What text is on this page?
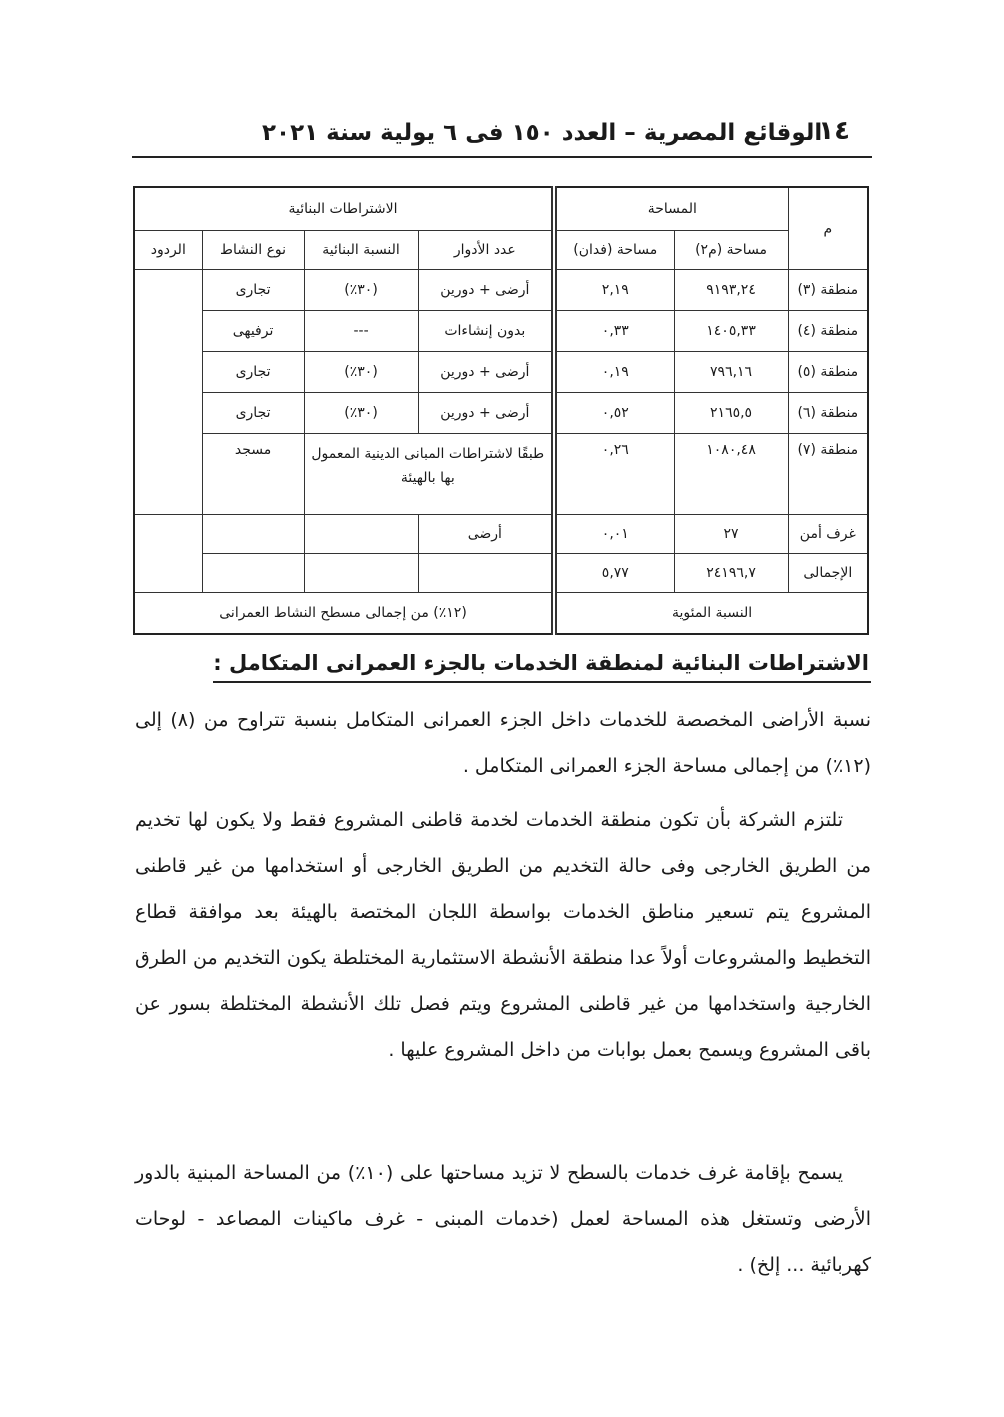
١٤
الوقائع المصرية – العدد ١٥٠ فى ٦ يولية سنة ٢٠٢١
م	المساحة		الاشتراطات البنائية			
	مساحة (م٢)	مساحة (فدان)	عدد الأدوار	النسبة البنائية	نوع النشاط	الردود
منطقة (٣)	٩١٩٣,٢٤	٢,١٩	أرضى + دورين	(٣٠٪)	تجارى	
منطقة (٤)	١٤٠٥,٣٣	٠,٣٣	بدون إنشاءات	---	ترفيهى	
منطقة (٥)	٧٩٦,١٦	٠,١٩	أرضى + دورين	(٣٠٪)	تجارى	
منطقة (٦)	٢١٦٥,٥	٠,٥٢	أرضى + دورين	(٣٠٪)	تجارى	
منطقة (٧)	١٠٨٠,٤٨	٠,٢٦	طبقًا لاشتراطات المبانى الدينية المعمول بها بالهيئة		مسجد	
غرف أمن	٢٧	٠,٠١	أرضى			
الإجمالى	٢٤١٩٦,٧	٥,٧٧				
النسبة المئوية			(١٢٪) من إجمالى مسطح النشاط العمرانى			
الاشتراطات البنائية لمنطقة الخدمات بالجزء العمرانى المتكامل :
نسبة الأراضى المخصصة للخدمات داخل الجزء العمرانى المتكامل بنسبة تتراوح من (٨) إلى (١٢٪) من إجمالى مساحة الجزء العمرانى المتكامل .
تلتزم الشركة بأن تكون منطقة الخدمات لخدمة قاطنى المشروع فقط ولا يكون لها تخديم من الطريق الخارجى وفى حالة التخديم من الطريق الخارجى أو استخدامها من غير قاطنى المشروع يتم تسعير مناطق الخدمات بواسطة اللجان المختصة بالهيئة بعد موافقة قطاع التخطيط والمشروعات أولاً عدا منطقة الأنشطة الاستثمارية المختلطة يكون التخديم من الطرق الخارجية واستخدامها من غير قاطنى المشروع ويتم فصل تلك الأنشطة المختلطة بسور عن باقى المشروع ويسمح بعمل بوابات من داخل المشروع عليها .
يسمح بإقامة غرف خدمات بالسطح لا تزيد مساحتها على (١٠٪) من المساحة المبنية بالدور الأرضى وتستغل هذه المساحة لعمل (خدمات المبنى - غرف ماكينات المصاعد - لوحات كهربائية ... إلخ) .
